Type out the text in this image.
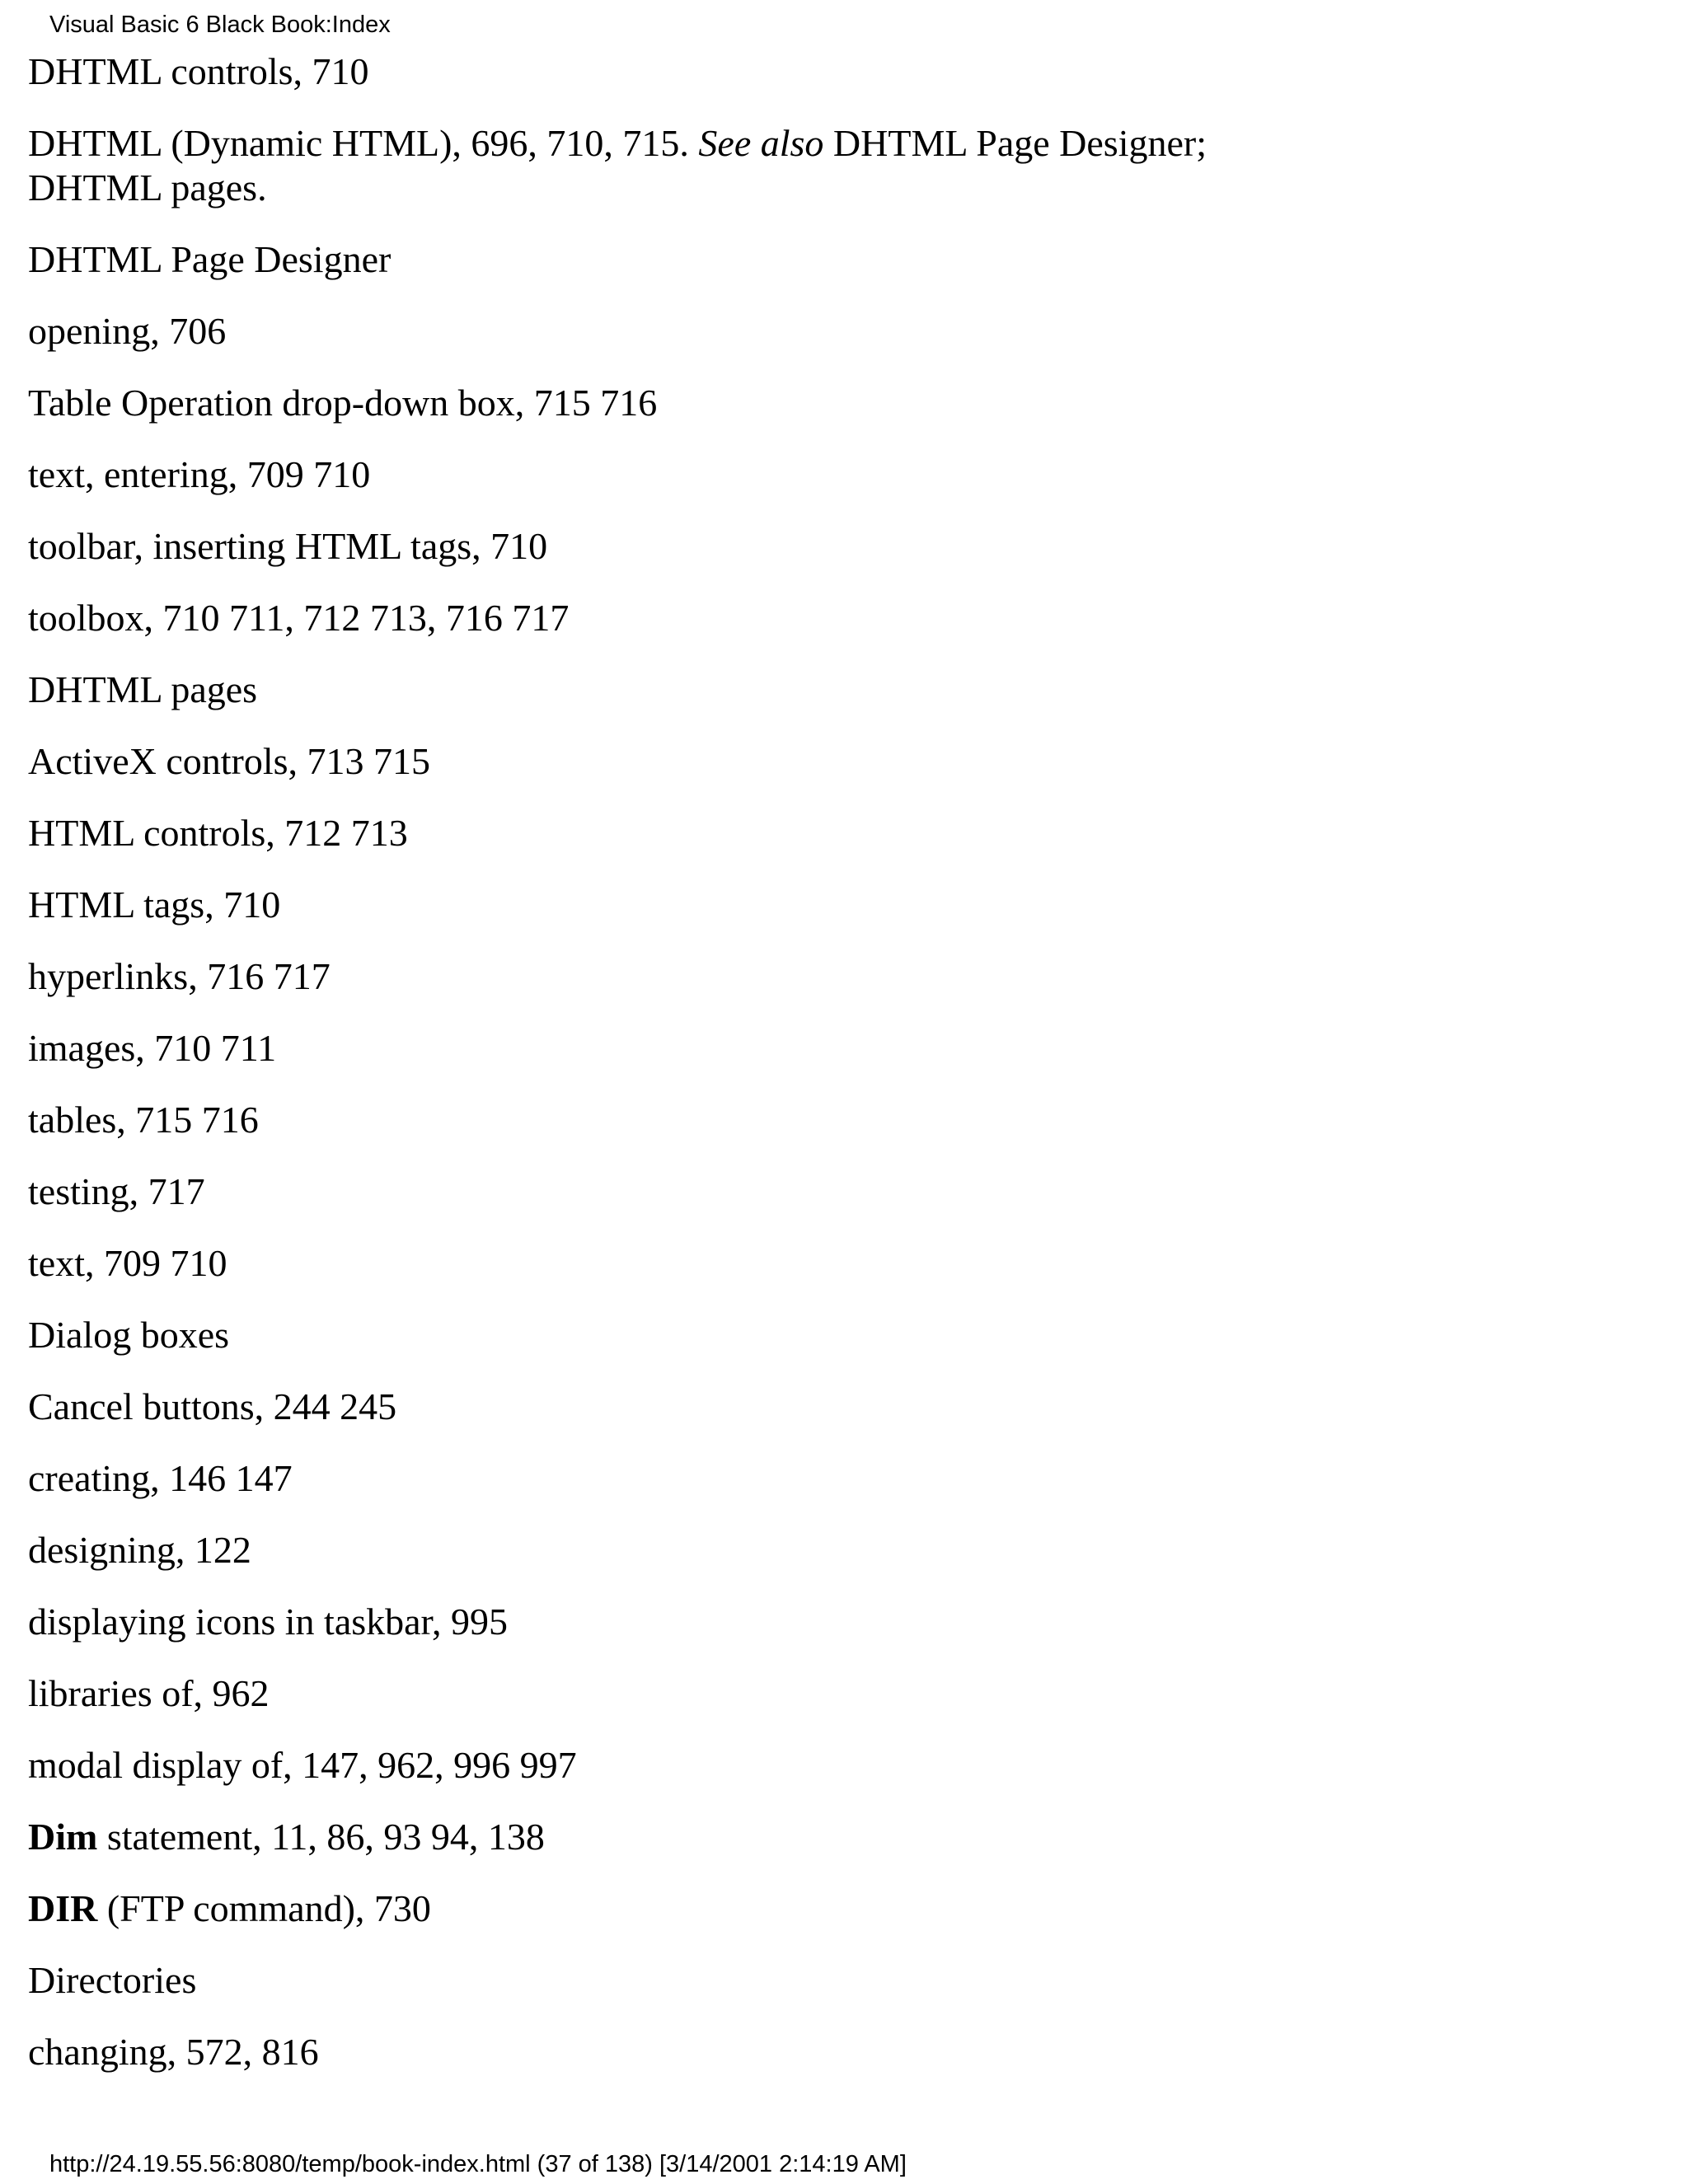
Visual Basic 6 Black Book:Index
DHTML controls, 710
DHTML (Dynamic HTML), 696, 710, 715. See also DHTML Page Designer; DHTML pages.
DHTML Page Designer
opening, 706
Table Operation drop-down box, 715 716
text, entering, 709 710
toolbar, inserting HTML tags, 710
toolbox, 710 711, 712 713, 716 717
DHTML pages
ActiveX controls, 713 715
HTML controls, 712 713
HTML tags, 710
hyperlinks, 716 717
images, 710 711
tables, 715 716
testing, 717
text, 709 710
Dialog boxes
Cancel buttons, 244 245
creating, 146 147
designing, 122
displaying icons in taskbar, 995
libraries of, 962
modal display of, 147, 962, 996 997
Dim statement, 11, 86, 93 94, 138
DIR (FTP command), 730
Directories
changing, 572, 816
http://24.19.55.56:8080/temp/book-index.html (37 of 138) [3/14/2001 2:14:19 AM]
